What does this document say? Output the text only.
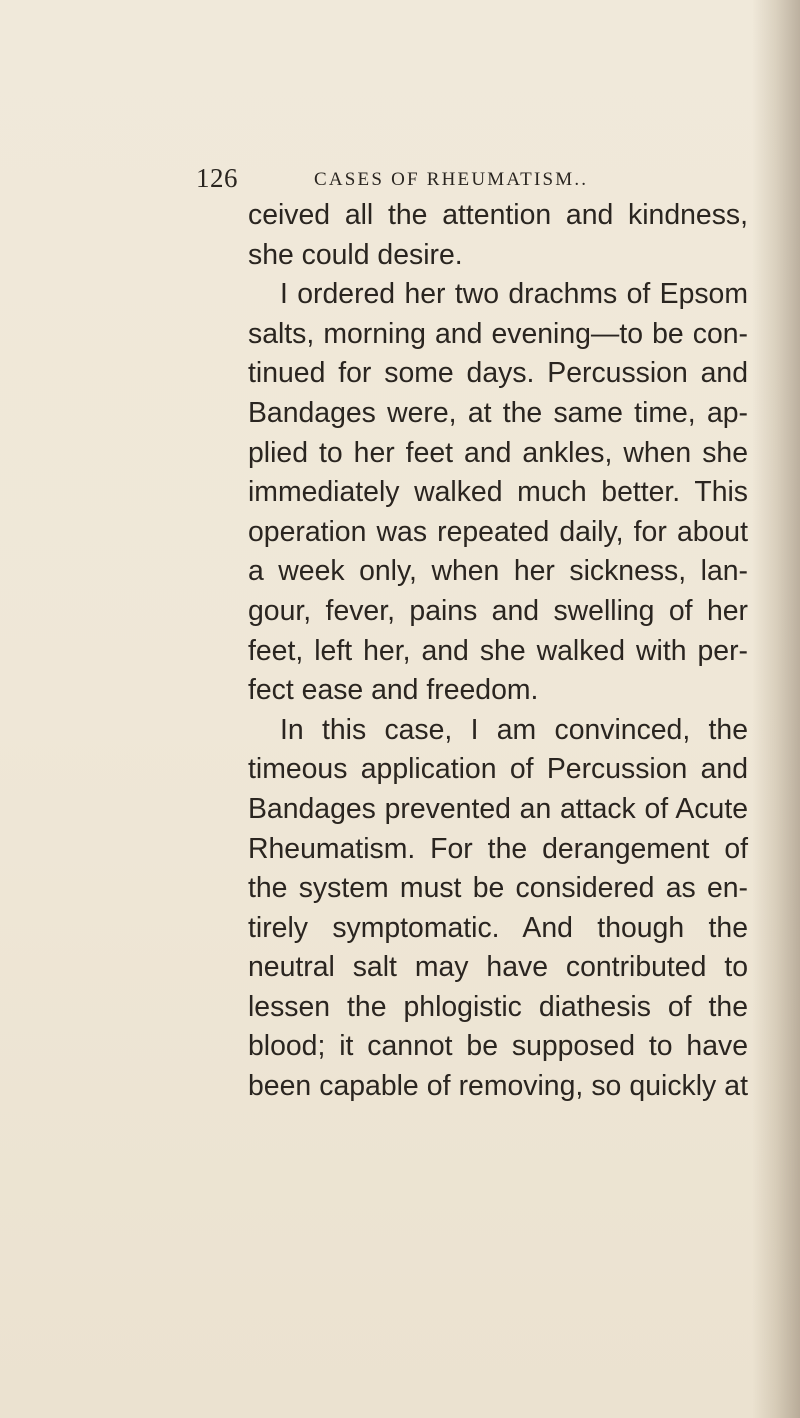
126	CASES OF RHEUMATISM..
ceived all the attention and kindness,
she could desire.
I ordered her two drachms of Epsom
salts, morning and evening—to be con-
tinued for some days. Percussion and
Bandages were, at the same time, ap-
plied to her feet and ankles, when she
immediately walked much better. This
operation was repeated daily, for about
a week only, when her sickness, lan-
gour, fever, pains and swelling of her
feet, left her, and she walked with per-
fect ease and freedom.
In this case, I am convinced, the
timeous application of Percussion and
Bandages prevented an attack of Acute
Rheumatism. For the derangement of
the system must be considered as en-
tirely symptomatic. And though the
neutral salt may have contributed to
lessen the phlogistic diathesis of the
blood; it cannot be supposed to have
been capable of removing, so quickly at
